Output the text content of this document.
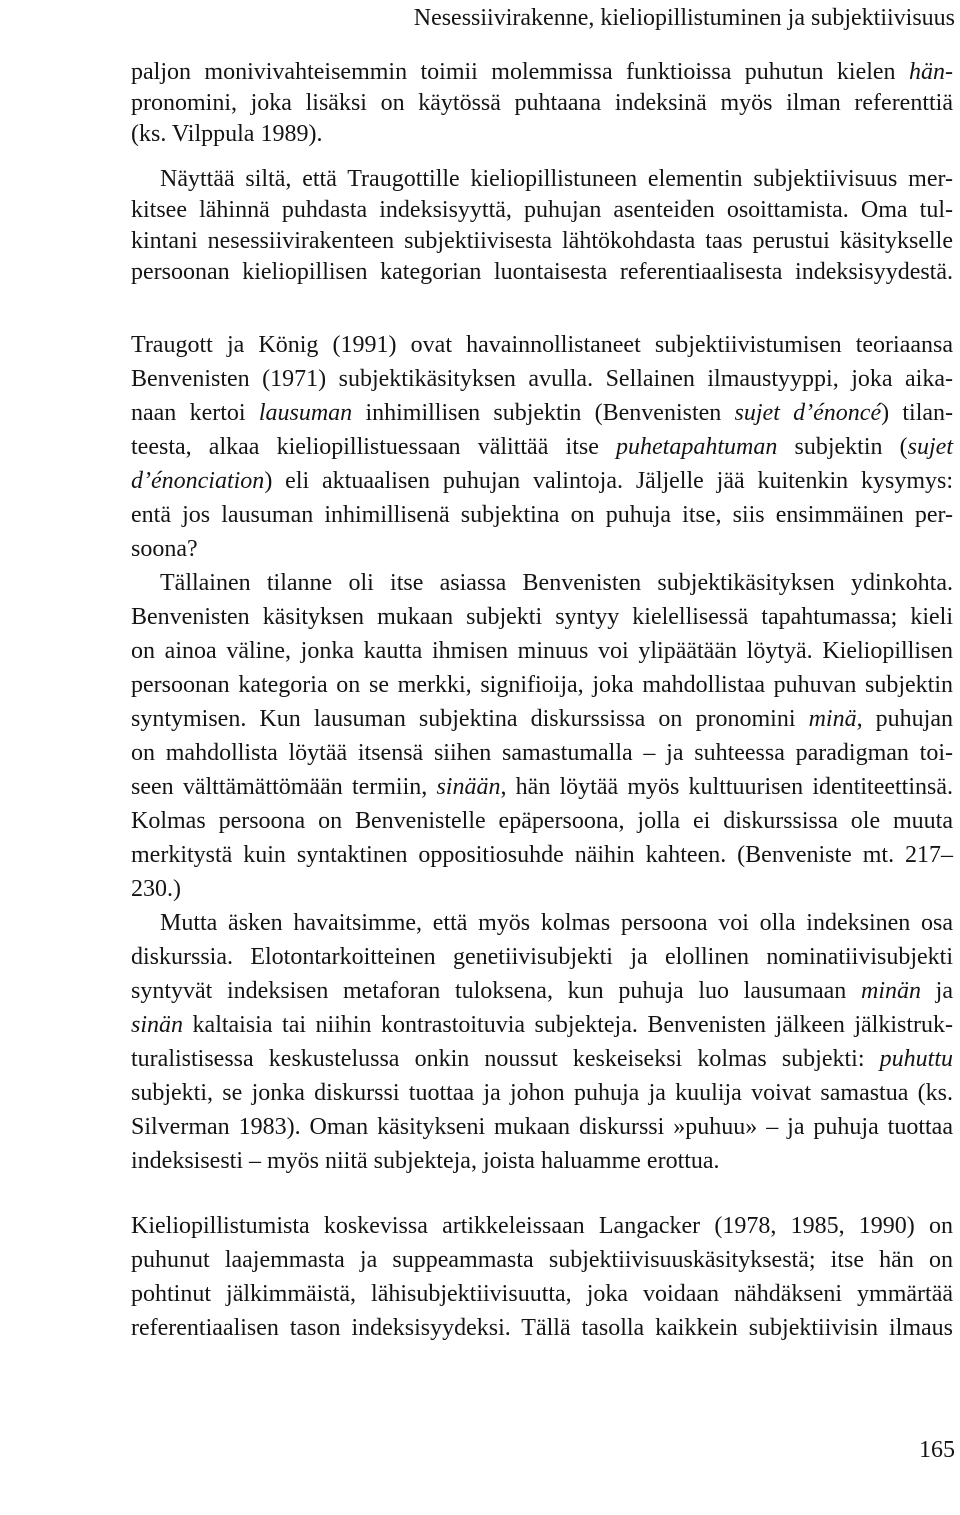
Nesessiivirakenne, kieliopillistuminen ja subjektiivisuus
paljon monivivahteisemmin toimii molemmissa funktioissa puhutun kielen hän-
pronomini, joka lisäksi on käytössä puhtaana indeksinä myös ilman referenttiä
(ks. Vilppula 1989).
Näyttää siltä, että Traugottille kieliopillistuneen elementin subjektiivisuus mer-
kitsee lähinnä puhdasta indeksisyyttä, puhujan asenteiden osoittamista. Oma tul-
kintani nesessiivirakenteen subjektiivisesta lähtökohdasta taas perustui käsitykselle
persoonan kieliopillisen kategorian luontaisesta referentiaalisesta indeksisyydestä.
Traugott ja König (1991) ovat havainnollistaneet subjektiivistumisen teoriaansa
Benvenisten (1971) subjektikäsityksen avulla. Sellainen ilmaustyyppi, joka aika-
naan kertoi lausuman inhimillisen subjektin (Benvenisten sujet d’énoncé) tilan-
teesta, alkaa kieliopillistuessaan välittää itse puhetapahtuman subjektin (sujet
d’énonciation) eli aktuaalisen puhujan valintoja. Jäljelle jää kuitenkin kysymys:
entä jos lausuman inhimillisenä subjektina on puhuja itse, siis ensimmäinen per-
soona?
Tällainen tilanne oli itse asiassa Benvenisten subjektikäsityksen ydinkohta.
Benvenisten käsityksen mukaan subjekti syntyy kielellisessä tapahtumassa; kieli
on ainoa väline, jonka kautta ihmisen minuus voi ylipäätään löytyä. Kieliopillisen
persoonan kategoria on se merkki, signifioija, joka mahdollistaa puhuvan subjektin
syntymisen. Kun lausuman subjektina diskurssissa on pronomini minä, puhujan
on mahdollista löytää itsensä siihen samastumalla – ja suhteessa paradigman toi-
seen välttämättömään termiin, sinään, hän löytää myös kulttuurisen identiteettinsä.
Kolmas persoona on Benvenistelle epäpersoona, jolla ei diskurssissa ole muuta
merkitystä kuin syntaktinen oppositiosuhde näihin kahteen. (Benveniste mt. 217–
230.)
Mutta äsken havaitsimme, että myös kolmas persoona voi olla indeksinen osa
diskurssia. Elotontarkoitteinen genetiivisubjekti ja elollinen nominatiivisubjekti
syntyvät indeksisen metaforan tuloksena, kun puhuja luo lausumaan minän ja
sinän kaltaisia tai niihin kontrastoituvia subjekteja. Benvenisten jälkeen jälkistruk-
turalistisessa keskustelussa onkin noussut keskeiseksi kolmas subjekti: puhuttu
subjekti, se jonka diskurssi tuottaa ja johon puhuja ja kuulija voivat samastua (ks.
Silverman 1983). Oman käsitykseni mukaan diskurssi »puhuu» – ja puhuja tuottaa
indeksisesti – myös niitä subjekteja, joista haluamme erottua.
Kieliopillistumista koskevissa artikkeleissaan Langacker (1978, 1985, 1990) on
puhunut laajemmasta ja suppeammasta subjektiivisuuskäsityksestä; itse hän on
pohtinut jälkimmäistä, lähisubjektiivisuutta, joka voidaan nähdäkseni ymmärtää
referentiaalisen tason indeksisyydeksi. Tällä tasolla kaikkein subjektiivisin ilmaus
165
